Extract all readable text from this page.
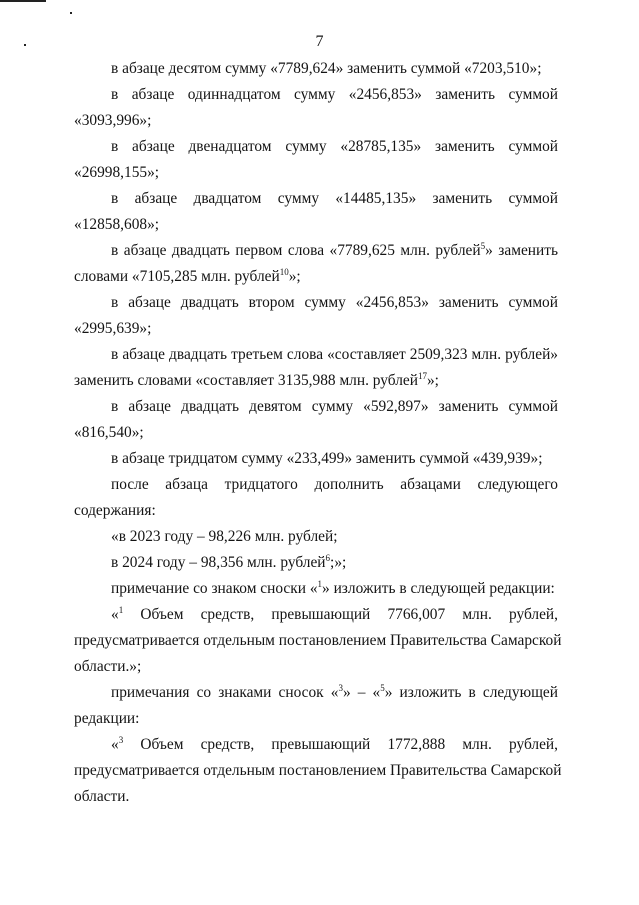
7
в абзаце десятом сумму «7789,624» заменить суммой «7203,510»;
в абзаце одиннадцатом сумму «2456,853» заменить суммой
«3093,996»;
в абзаце двенадцатом сумму «28785,135» заменить суммой
«26998,155»;
в абзаце двадцатом сумму «14485,135» заменить суммой
«12858,608»;
в абзаце двадцать первом слова «7789,625 млн. рублей$^5$» заменить
словами «7105,285 млн. рублей$^{10}$»;
в абзаце двадцать втором сумму «2456,853» заменить суммой
«2995,639»;
в абзаце двадцать третьем слова «составляет 2509,323 млн. рублей»
заменить словами «составляет 3135,988 млн. рублей$^{17}$»;
в абзаце двадцать девятом сумму «592,897» заменить суммой
«816,540»;
в абзаце тридцатом сумму «233,499» заменить суммой «439,939»;
после абзаца тридцатого дополнить абзацами следующего
содержания:
«в 2023 году – 98,226 млн. рублей;
в 2024 году – 98,356 млн. рублей$^6$;»;
примечание со знаком сноски «$^1$» изложить в следующей редакции:
«$^1$ Объем средств, превышающий 7766,007 млн. рублей,
предусматривается отдельным постановлением Правительства Самарской
области.»;
примечания со знаками сносок «$^3$» – «$^5$» изложить в следующей
редакции:
«$^3$ Объем средств, превышающий 1772,888 млн. рублей,
предусматривается отдельным постановлением Правительства Самарской
области.
